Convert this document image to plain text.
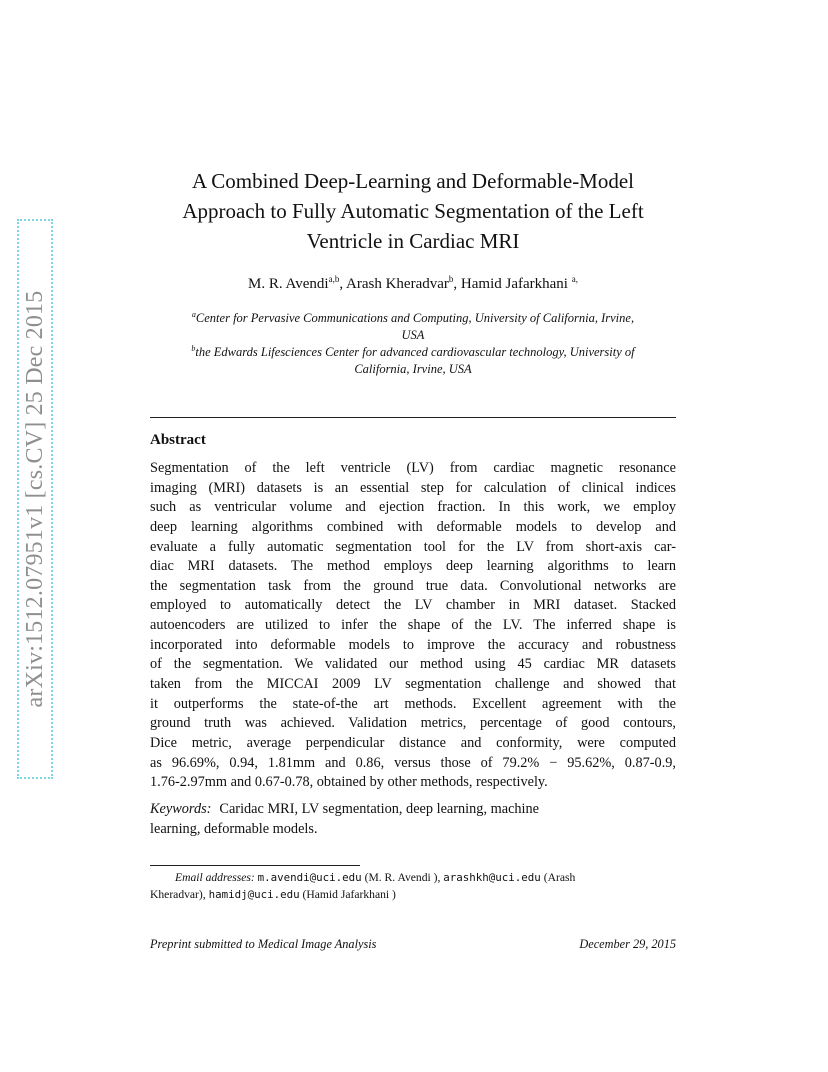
arXiv:1512.07951v1 [cs.CV] 25 Dec 2015
A Combined Deep-Learning and Deformable-Model
Approach to Fully Automatic Segmentation of the Left
Ventricle in Cardiac MRI
M. R. Avendi$^{a,b}$, Arash Kheradvar$^b$, Hamid Jafarkhani $^{a,}$
$^a$Center for Pervasive Communications and Computing, University of California, Irvine,
USA
$^b$the Edwards Lifesciences Center for advanced cardiovascular technology, University of
California, Irvine, USA
Abstract
Segmentation of the left ventricle (LV) from cardiac magnetic resonance
imaging (MRI) datasets is an essential step for calculation of clinical indices
such as ventricular volume and ejection fraction. In this work, we employ
deep learning algorithms combined with deformable models to develop and
evaluate a fully automatic segmentation tool for the LV from short-axis car-
diac MRI datasets. The method employs deep learning algorithms to learn
the segmentation task from the ground true data. Convolutional networks are
employed to automatically detect the LV chamber in MRI dataset. Stacked
autoencoders are utilized to infer the shape of the LV. The inferred shape is
incorporated into deformable models to improve the accuracy and robustness
of the segmentation. We validated our method using 45 cardiac MR datasets
taken from the MICCAI 2009 LV segmentation challenge and showed that
it outperforms the state-of-the art methods. Excellent agreement with the
ground truth was achieved. Validation metrics, percentage of good contours,
Dice metric, average perpendicular distance and conformity, were computed
as 96.69%, 0.94, 1.81mm and 0.86, versus those of 79.2% − 95.62%, 0.87-0.9,
1.76-2.97mm and 0.67-0.78, obtained by other methods, respectively.
Keywords: Caridac MRI, LV segmentation, deep learning, machine
learning, deformable models.
Email addresses: m.avendi@uci.edu (M. R. Avendi ), arashkh@uci.edu (Arash
Kheradvar), hamidj@uci.edu (Hamid Jafarkhani )
Preprint submitted to Medical Image Analysis	December 29, 2015
